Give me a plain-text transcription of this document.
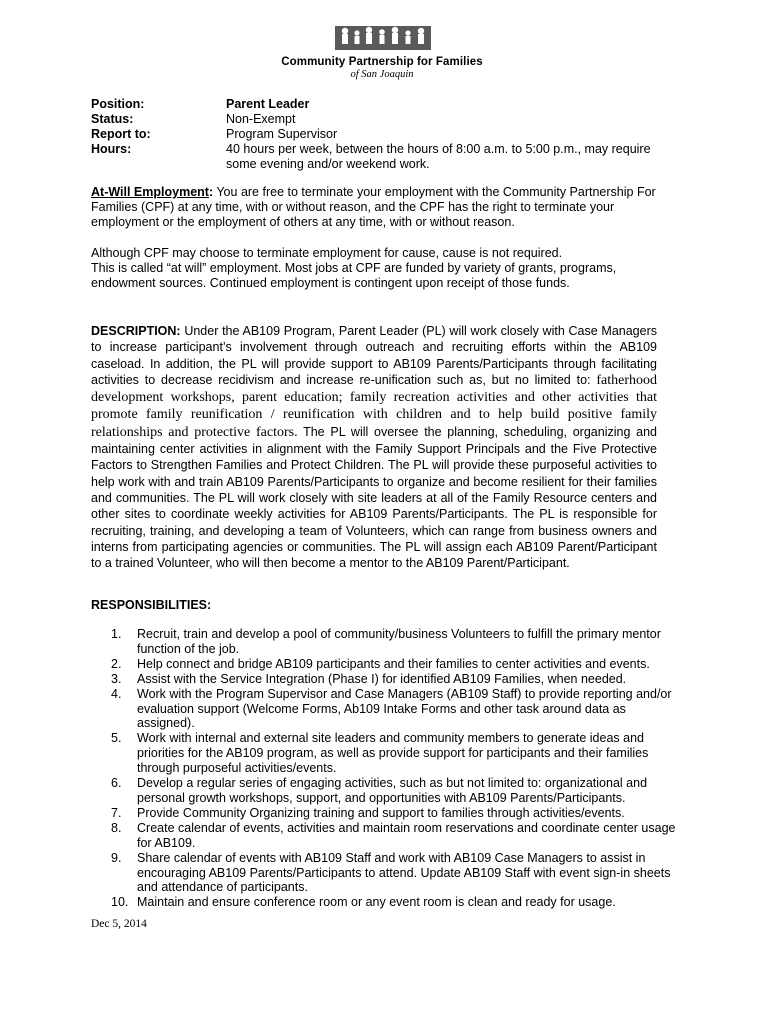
Community Partnership for Families
of San Joaquin
Position:	Parent Leader
Status:	Non-Exempt
Report to:	Program Supervisor
Hours:	40 hours per week, between the hours of 8:00 a.m. to 5:00 p.m., may require some evening and/or weekend work.
At-Will Employment: You are free to terminate your employment with the Community Partnership For Families (CPF) at any time, with or without reason, and the CPF has the right to terminate your employment or the employment of others at any time, with or without reason.
Although CPF may choose to terminate employment for cause, cause is not required.
This is called “at will” employment. Most jobs at CPF are funded by variety of grants, programs, endowment sources. Continued employment is contingent upon receipt of those funds.
DESCRIPTION: Under the AB109 Program, Parent Leader (PL) will work closely with Case Managers to increase participant’s involvement through outreach and recruiting efforts within the AB109 caseload. In addition, the PL will provide support to AB109 Parents/Participants through facilitating activities to decrease recidivism and increase re-unification such as, but no limited to: fatherhood development workshops, parent education; family recreation activities and other activities that promote family reunification / reunification with children and to help build positive family relationships and protective factors. The PL will oversee the planning, scheduling, organizing and maintaining center activities in alignment with the Family Support Principals and the Five Protective Factors to Strengthen Families and Protect Children. The PL will provide these purposeful activities to help work with and train AB109 Parents/Participants to organize and become resilient for their families and communities. The PL will work closely with site leaders at all of the Family Resource centers and other sites to coordinate weekly activities for AB109 Parents/Participants. The PL is responsible for recruiting, training, and developing a team of Volunteers, which can range from business owners and interns from participating agencies or communities. The PL will assign each AB109 Parent/Participant to a trained Volunteer, who will then become a mentor to the AB109 Parent/Participant.
RESPONSIBILITIES:
1.	Recruit, train and develop a pool of community/business Volunteers to fulfill the primary mentor function of the job.
2.	Help connect and bridge AB109 participants and their families to center activities and events.
3.	Assist with the Service Integration (Phase I) for identified AB109 Families, when needed.
4.	Work with the Program Supervisor and Case Managers (AB109 Staff) to provide reporting and/or evaluation support (Welcome Forms, Ab109 Intake Forms and other task around data as assigned).
5.	Work with internal and external site leaders and community members to generate ideas and priorities for the AB109 program, as well as provide support for participants and their families through purposeful activities/events.
6.	Develop a regular series of engaging activities, such as but not limited to: organizational and personal growth workshops, support, and opportunities with AB109 Parents/Participants.
7.	Provide Community Organizing training and support to families through activities/events.
8.	Create calendar of events, activities and maintain room reservations and coordinate center usage for AB109.
9.	Share calendar of events with AB109 Staff and work with AB109 Case Managers to assist in encouraging AB109 Parents/Participants to attend. Update AB109 Staff with event sign-in sheets and attendance of participants.
10. Maintain and ensure conference room or any event room is clean and ready for usage.
Dec 5, 2014
